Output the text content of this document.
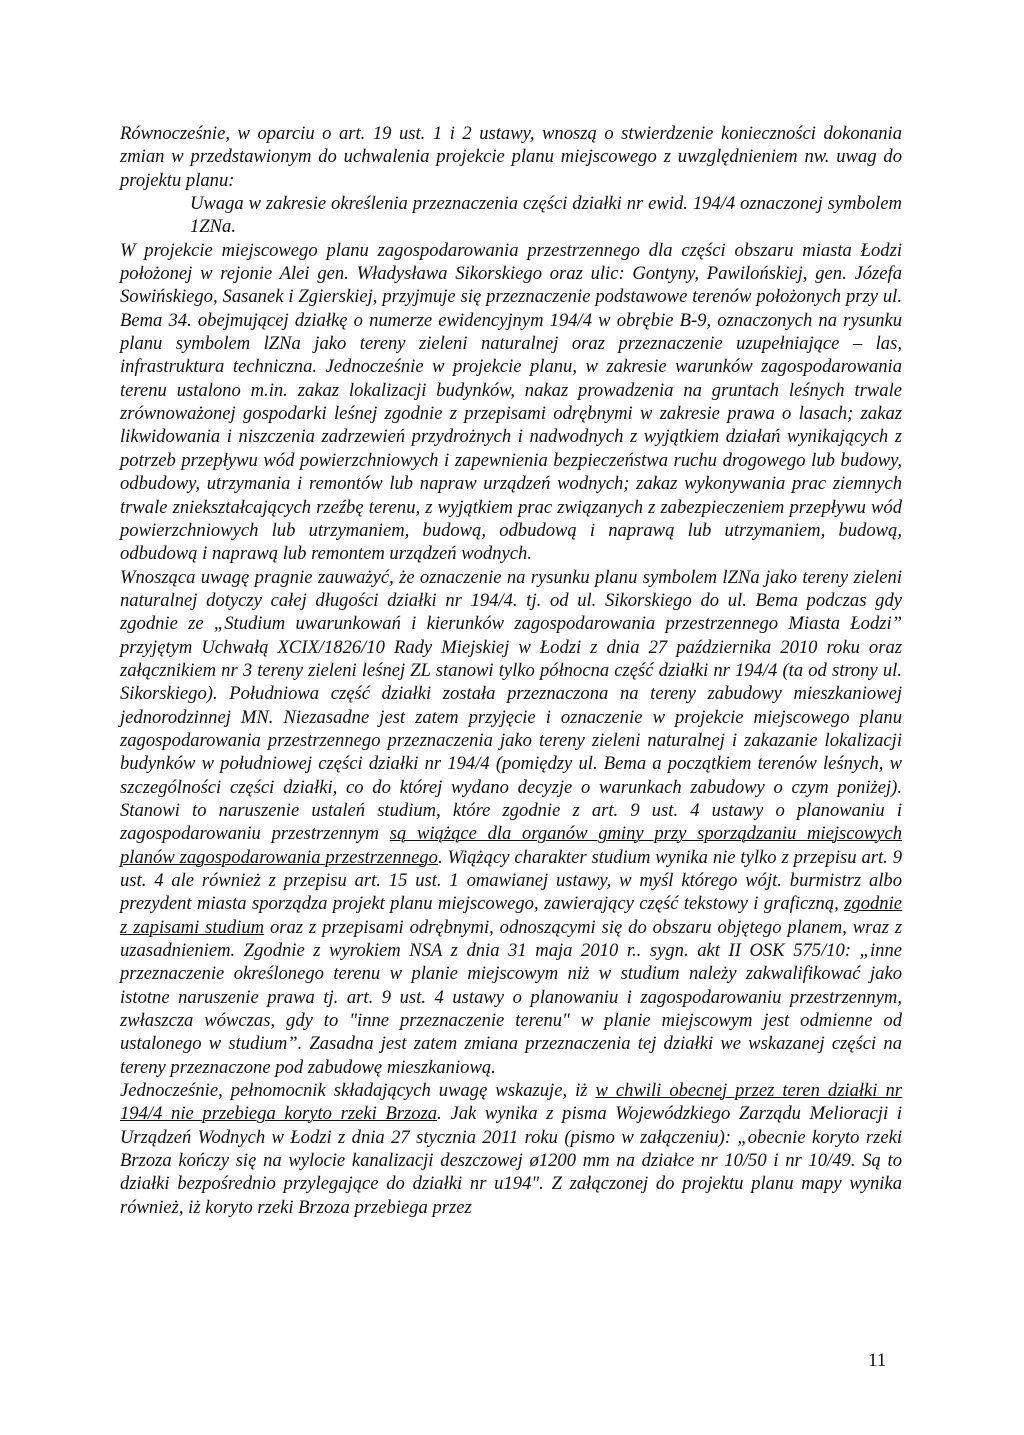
Równocześnie, w oparciu o art. 19 ust. 1 i 2 ustawy, wnoszą o stwierdzenie konieczności dokonania zmian w przedstawionym do uchwalenia projekcie planu miejscowego z uwzględnieniem nw. uwag do projektu planu:

Uwaga w zakresie określenia przeznaczenia części działki nr ewid. 194/4 oznaczonej symbolem 1ZNa.

W projekcie miejscowego planu zagospodarowania przestrzennego dla części obszaru miasta Łodzi położonej w rejonie Alei gen. Władysława Sikorskiego oraz ulic: Gontyny, Pawilońskiej, gen. Józefa Sowińskiego, Sasanek i Zgierskiej, przyjmuje się przeznaczenie podstawowe terenów położonych przy ul. Bema 34. obejmującej działkę o numerze ewidencyjnym 194/4 w obrębie B-9, oznaczonych na rysunku planu symbolem lZNa jako tereny zieleni naturalnej oraz przeznaczenie uzupełniające – las, infrastruktura techniczna. Jednocześnie w projekcie planu, w zakresie warunków zagospodarowania terenu ustalono m.in. zakaz lokalizacji budynków, nakaz prowadzenia na gruntach leśnych trwale zrównoważonej gospodarki leśnej zgodnie z przepisami odrębnymi w zakresie prawa o lasach; zakaz likwidowania i niszczenia zadrzewień przydrożnych i nadwodnych z wyjątkiem działań wynikających z potrzeb przepływu wód powierzchniowych i zapewnienia bezpieczeństwa ruchu drogowego lub budowy, odbudowy, utrzymania i remontów lub napraw urządzeń wodnych; zakaz wykonywania prac ziemnych trwale zniekształcających rzeźbę terenu, z wyjątkiem prac związanych z zabezpieczeniem przepływu wód powierzchniowych lub utrzymaniem, budową, odbudową i naprawą lub utrzymaniem, budową, odbudową i naprawą lub remontem urządzeń wodnych.

Wnosząca uwagę pragnie zauważyć, że oznaczenie na rysunku planu symbolem lZNa jako tereny zieleni naturalnej dotyczy całej długości działki nr 194/4. tj. od ul. Sikorskiego do ul. Bema podczas gdy zgodnie ze „Studium uwarunkowań i kierunków zagospodarowania przestrzennego Miasta Łodzi” przyjętym Uchwałą XCIX/1826/10 Rady Miejskiej w Łodzi z dnia 27 października 2010 roku oraz załącznikiem nr 3 tereny zieleni leśnej ZL stanowi tylko północna część działki nr 194/4 (ta od strony ul. Sikorskiego). Południowa część działki została przeznaczona na tereny zabudowy mieszkaniowej jednorodzinnej MN. Niezasadne jest zatem przyjęcie i oznaczenie w projekcie miejscowego planu zagospodarowania przestrzennego przeznaczenia jako tereny zieleni naturalnej i zakazanie lokalizacji budynków w południowej części działki nr 194/4 (pomiędzy ul. Bema a początkiem terenów leśnych, w szczególności części działki, co do której wydano decyzje o warunkach zabudowy o czym poniżej). Stanowi to naruszenie ustaleń studium, które zgodnie z art. 9 ust. 4 ustawy o planowaniu i zagospodarowaniu przestrzennym są wiążące dla organów gminy przy sporządzaniu miejscowych planów zagospodarowania przestrzennego. Wiążący charakter studium wynika nie tylko z przepisu art. 9 ust. 4 ale również z przepisu art. 15 ust. 1 omawianej ustawy, w myśl którego wójt. burmistrz albo prezydent miasta sporządza projekt planu miejscowego, zawierający część tekstowy i graficzną, zgodnie z zapisami studium oraz z przepisami odrębnymi, odnoszącymi się do obszaru objętego planem, wraz z uzasadnieniem. Zgodnie z wyrokiem NSA z dnia 31 maja 2010 r.. sygn. akt II OSK 575/10: „inne przeznaczenie określonego terenu w planie miejscowym niż w studium należy zakwalifikować jako istotne naruszenie prawa tj. art. 9 ust. 4 ustawy o planowaniu i zagospodarowaniu przestrzennym, zwłaszcza wówczas, gdy to "inne przeznaczenie terenu" w planie miejscowym jest odmienne od ustalonego w studium”. Zasadna jest zatem zmiana przeznaczenia tej działki we wskazanej części na tereny przeznaczone pod zabudowę mieszkaniową.

Jednocześnie, pełnomocnik składających uwagę wskazuje, iż w chwili obecnej przez teren działki nr 194/4 nie przebiega koryto rzeki Brzoza. Jak wynika z pisma Wojewódzkiego Zarządu Melioracji i Urządzeń Wodnych w Łodzi z dnia 27 stycznia 2011 roku (pismo w załączeniu): „obecnie koryto rzeki Brzoza kończy się na wylocie kanalizacji deszczowej ø1200 mm na działce nr 10/50 i nr 10/49. Są to działki bezpośrednio przylegające do działki nr u194". Z załączonej do projektu planu mapy wynika również, iż koryto rzeki Brzoza przebiega przez

11
